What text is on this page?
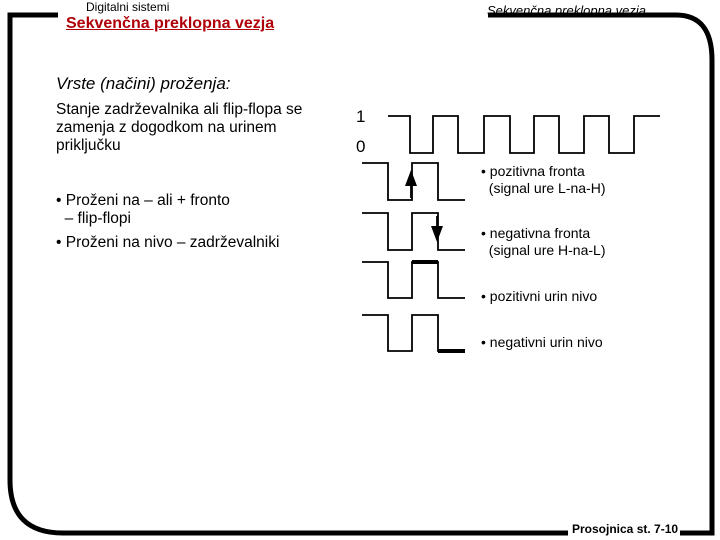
Digitalni sistemi
Sekvenčna preklopna vezja
Sekvenčna preklopna vezja
Vrste (načini) proženja:
Stanje zadrževalnika ali flip-flopa se zamenja z dogodkom na urinem priključku
• Proženi na – ali + fronto
– flip-flopi
• Proženi na nivo – zadrževalniki
1
0
• pozitivna fronta
(signal ure L-na-H)
• negativna fronta
(signal ure H-na-L)
• pozitivni urin nivo
• negativni urin nivo
Prosojnica st. 7-10
